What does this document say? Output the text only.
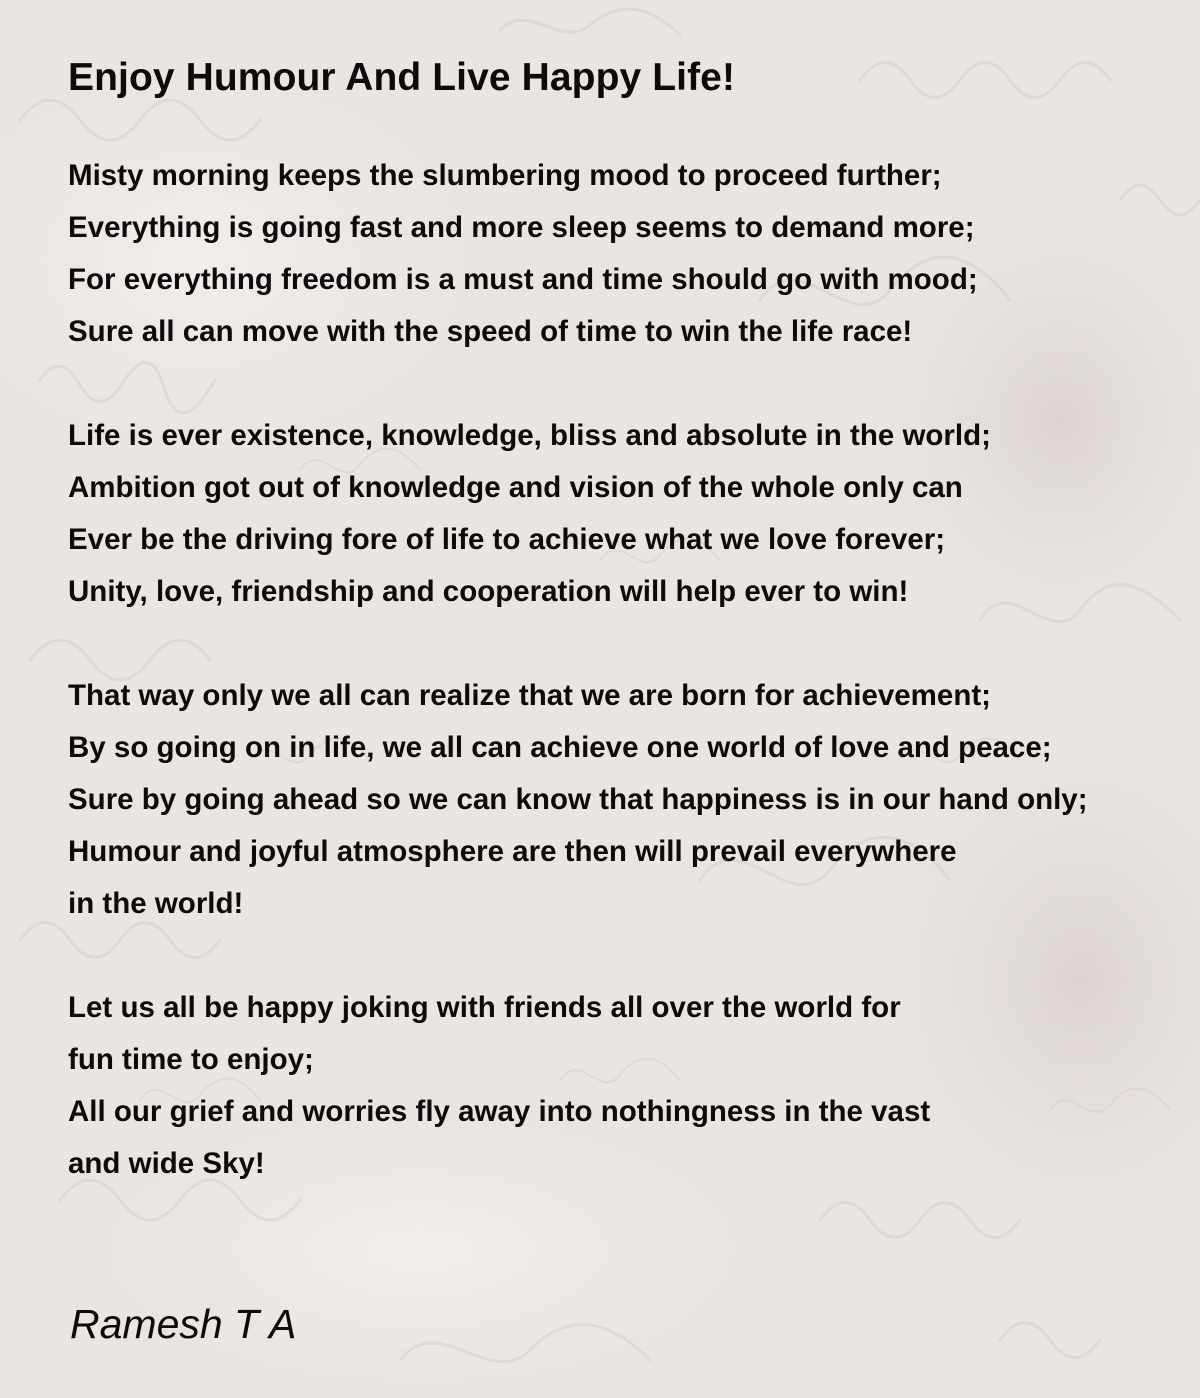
Enjoy Humour And Live Happy Life!
Misty morning keeps the slumbering mood to proceed further;
Everything is going fast and more sleep seems to demand more;
For everything freedom is a must and time should go with mood;
Sure all can move with the speed of time to win the life race!
Life is ever existence, knowledge, bliss and absolute in the world;
Ambition got out of knowledge and vision of the whole only can
Ever be the driving fore of life to achieve what we love forever;
Unity, love, friendship and cooperation will help ever to win!
That way only we all can realize that we are born for achievement;
By so going on in life, we all can achieve one world of love and peace;
Sure by going ahead so we can know that happiness is in our hand only;
Humour and joyful atmosphere are then will prevail everywhere
in the world!
Let us all be happy joking with friends all over the world for
fun time to enjoy;
All our grief and worries fly away into nothingness in the vast
and wide Sky!

Ramesh T A
